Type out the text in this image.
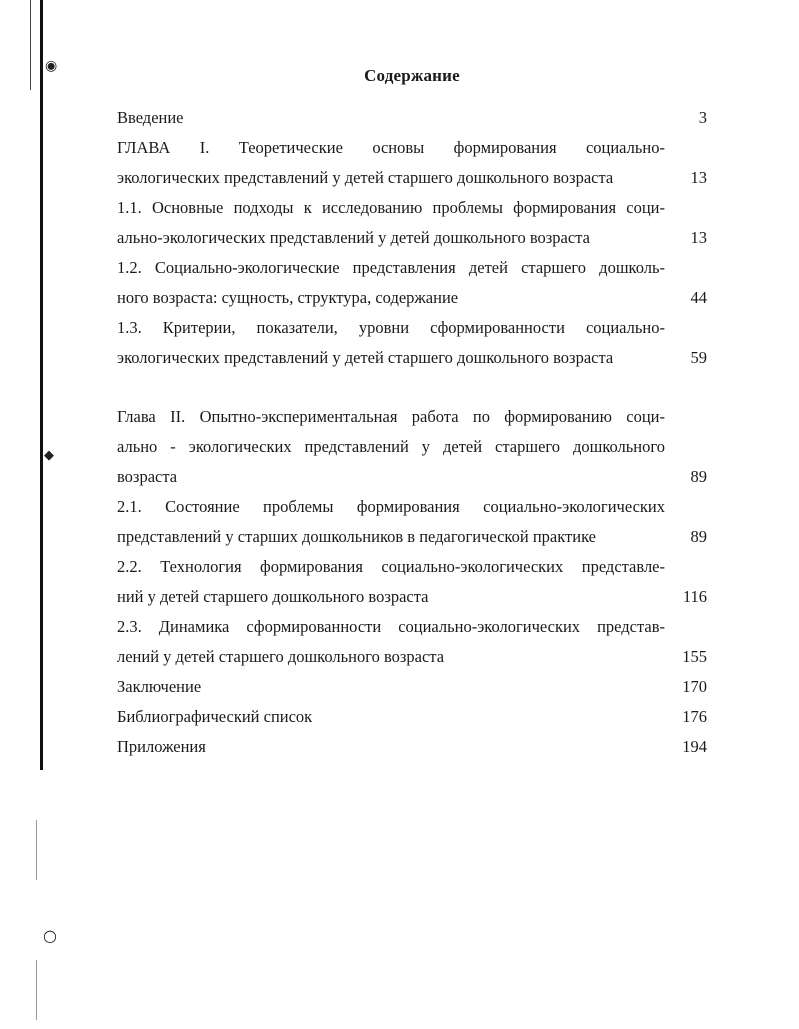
◉
◆
○
Содержание
Введение	3
ГЛАВА I. Теоретические основы формирования социально-
экологических представлений у детей старшего дошкольного возраста	13
1.1. Основные подходы к исследованию проблемы формирования соци-
ально-экологических представлений у детей дошкольного возраста	13
1.2. Социально-экологические представления детей старшего дошколь-
ного возраста: сущность, структура, содержание	44
1.3. Критерии, показатели, уровни сформированности социально-
экологических представлений у детей старшего дошкольного возраста	59
Глава II. Опытно-экспериментальная работа по формированию соци-
ально - экологических представлений у детей старшего дошкольного
возраста	89
2.1. Состояние проблемы формирования социально-экологических
представлений у старших дошкольников в педагогической практике	89
2.2. Технология формирования социально-экологических представле-
ний у детей старшего дошкольного возраста	116
2.3. Динамика сформированности социально-экологических представ-
лений у детей старшего дошкольного возраста	155
Заключение	170
Библиографический список	176
Приложения	194
